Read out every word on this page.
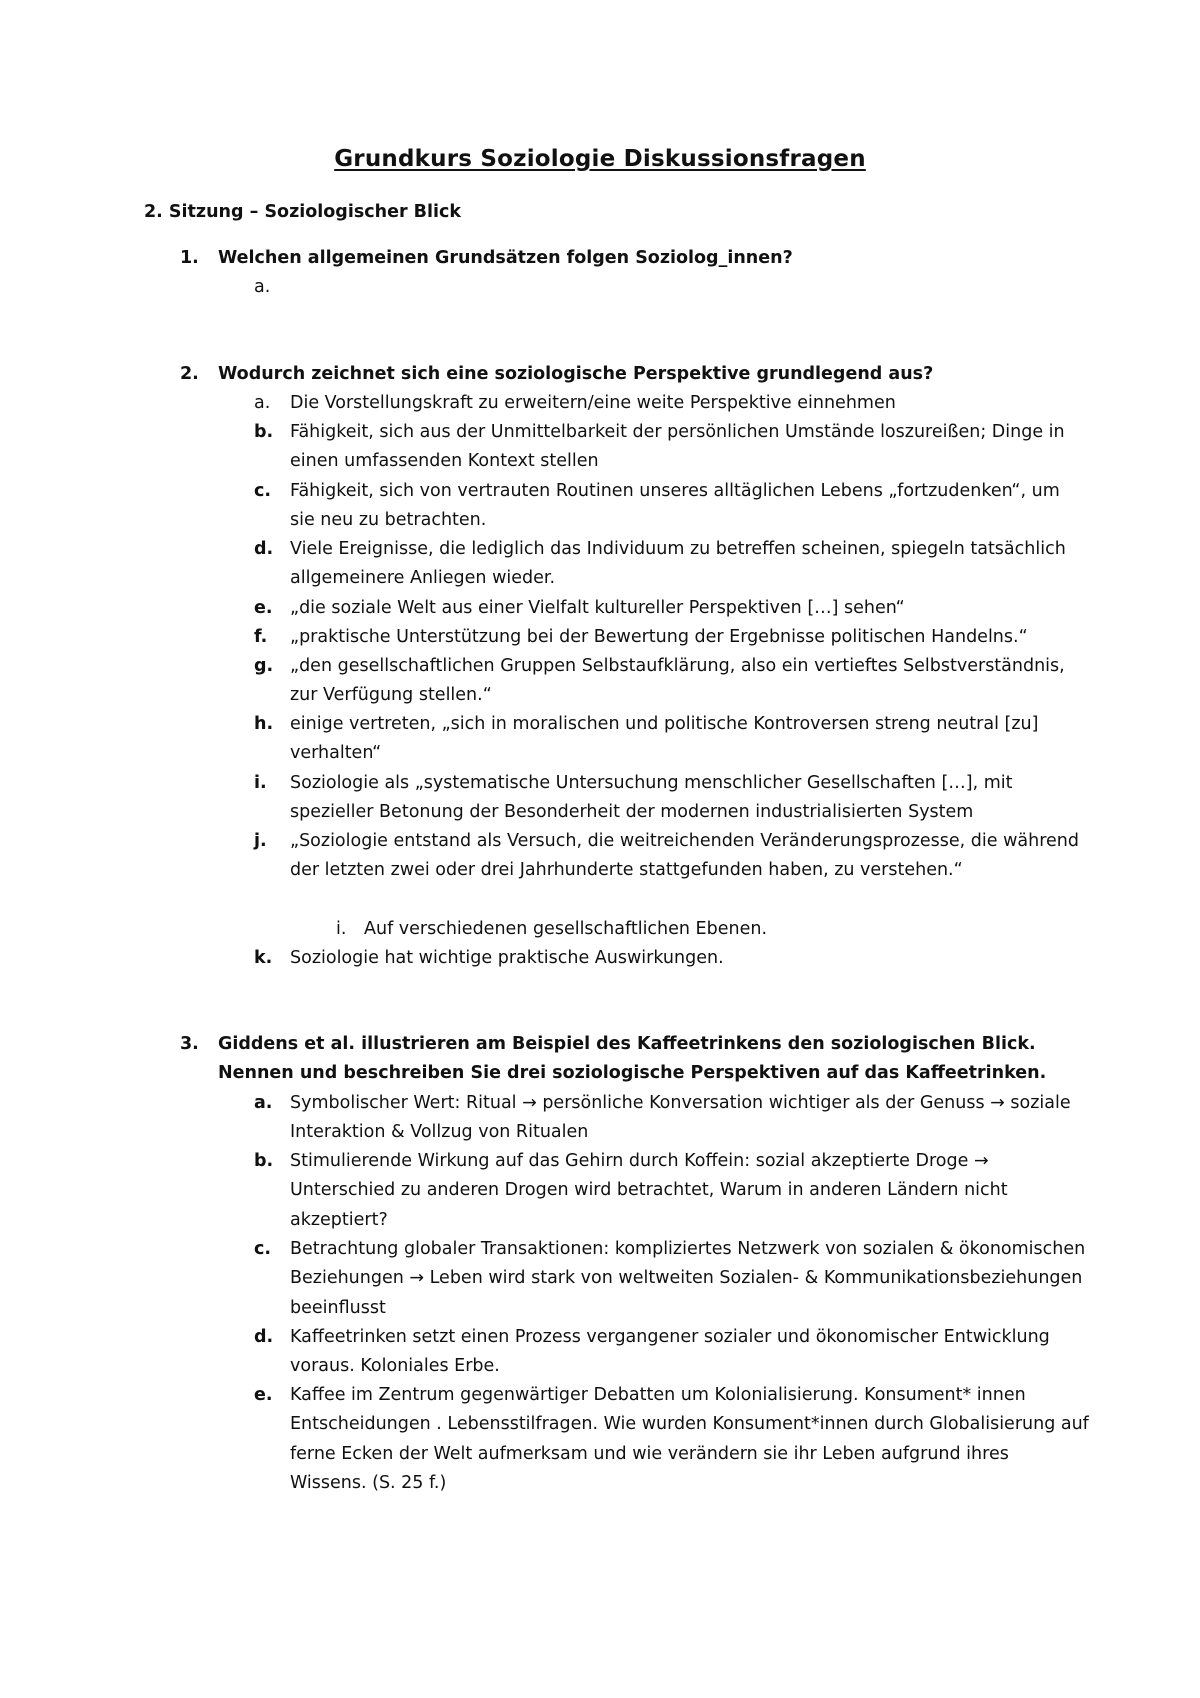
Grundkurs Soziologie Diskussionsfragen
2. Sitzung – Soziologischer Blick
1. Welchen allgemeinen Grundsätzen folgen Soziolog_innen?
a.
2. Wodurch zeichnet sich eine soziologische Perspektive grundlegend aus?
a.	Die Vorstellungskraft zu erweitern/eine weite Perspektive einnehmen
b. Fähigkeit, sich aus der Unmittelbarkeit der persönlichen Umstände loszureißen; Dinge in einen umfassenden Kontext stellen
c.	Fähigkeit, sich von vertrauten Routinen unseres alltäglichen Lebens „fortzudenken“, um sie neu zu betrachten.
d. Viele Ereignisse, die lediglich das Individuum zu betreffen scheinen, spiegeln tatsächlich allgemeinere Anliegen wieder.
e. „die soziale Welt aus einer Vielfalt kultureller Perspektiven […] sehen“
f.	„praktische Unterstützung bei der Bewertung der Ergebnisse politischen Handelns.“
g. „den gesellschaftlichen Gruppen Selbstaufklärung, also ein vertieftes Selbstverständnis, zur Verfügung stellen.“
h. einige vertreten, „sich in moralischen und politische Kontroversen streng neutral [zu] verhalten“
i.	Soziologie als „systematische Untersuchung menschlicher Gesellschaften […], mit spezieller Betonung der Besonderheit der modernen industrialisierten System
j.	„Soziologie entstand als Versuch, die weitreichenden Veränderungsprozesse, die während der letzten zwei oder drei Jahrhunderte stattgefunden haben, zu verstehen.“
i. Auf verschiedenen gesellschaftlichen Ebenen.
k.	Soziologie hat wichtige praktische Auswirkungen.
3. Giddens et al. illustrieren am Beispiel des Kaffeetrinkens den soziologischen Blick. Nennen und beschreiben Sie drei soziologische Perspektiven auf das Kaffeetrinken.
a.	Symbolischer Wert: Ritual → persönliche Konversation wichtiger als der Genuss → soziale Interaktion & Vollzug von Ritualen
b. Stimulierende Wirkung auf das Gehirn durch Koffein: sozial akzeptierte Droge → Unterschied zu anderen Drogen wird betrachtet, Warum in anderen Ländern nicht akzeptiert?
c.	Betrachtung globaler Transaktionen: kompliziertes Netzwerk von sozialen & ökonomischen Beziehungen → Leben wird stark von weltweiten Sozialen- & Kommunikationsbeziehungen beeinflusst
d. Kaffeetrinken setzt einen Prozess vergangener sozialer und ökonomischer Entwicklung voraus. Koloniales Erbe.
e. Kaffee im Zentrum gegenwärtiger Debatten um Kolonialisierung. Konsument* innen Entscheidungen . Lebensstilfragen. Wie wurden Konsument*innen durch Globalisierung auf ferne Ecken der Welt aufmerksam und wie verändern sie ihr Leben aufgrund ihres Wissens. (S. 25 f.)
